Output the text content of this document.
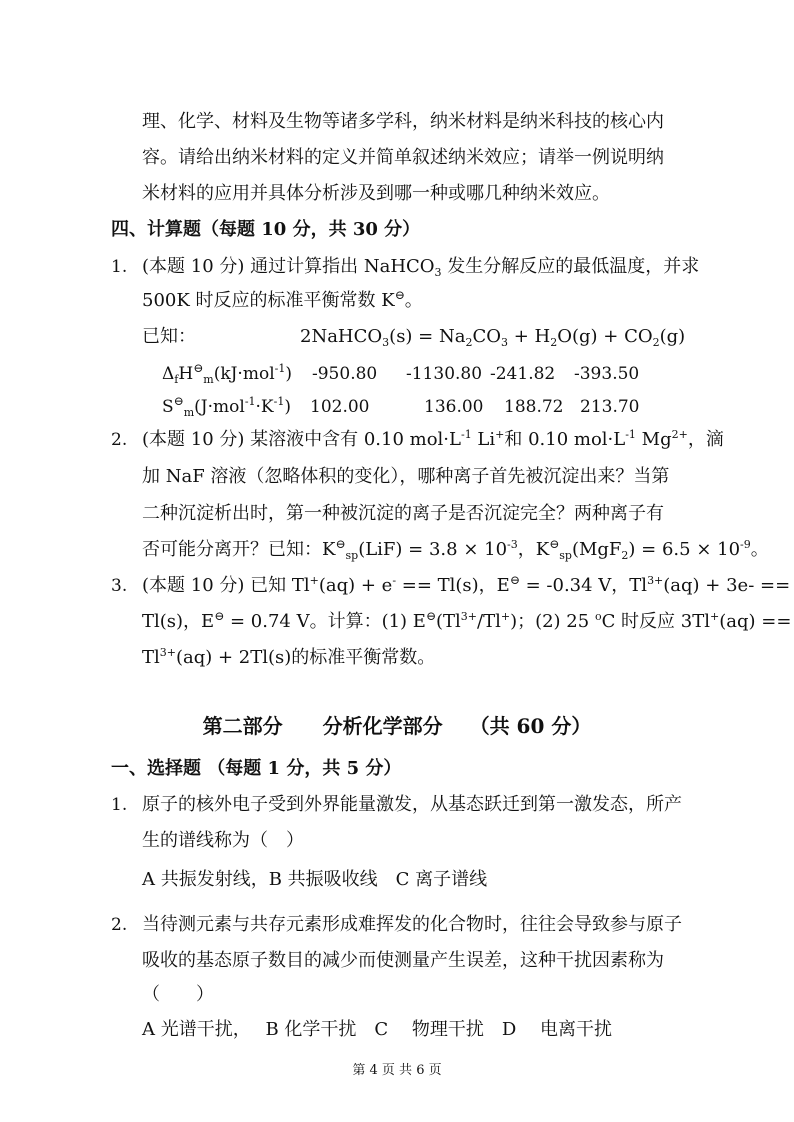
理、化学、材料及生物等诸多学科，纳米材料是纳米科技的核心内
容。请给出纳米材料的定义并简单叙述纳米效应；请举一例说明纳
米材料的应用并具体分析涉及到哪一种或哪几种纳米效应。
四、计算题（每题 10 分，共 30 分）
1. (本题 10 分) 通过计算指出 NaHCO$_3$ 发生分解反应的最低温度，并求
500K 时反应的标准平衡常数 K⊖。
已知：	2NaHCO$_3$(s) = $Na_2CO_3 + H_2O(g) + CO_2(g)$
$\Delta_fH^⊖_m(kJ\cdot mol^{-1})$ -950.80 -1130.80 -241.82 -393.50
$S^⊖_m(J\cdot mol^{-1}\cdot K^{-1})$ 102.00	136.00 188.72 213.70
2. (本题 10 分) 某溶液中含有 0.10 $mol\cdot L^{-1}$ Li+和 0.10 $mol\cdot L^{-1}$ $Mg^{2+}$，滴
加 NaF 溶液（忽略体积的变化），哪种离子首先被沉淀出来？当第
二种沉淀析出时，第一种被沉淀的离子是否沉淀完全？两种离子有
否可能分离开？已知：$K^⊖_{sp}(LiF) = 3.8 \times 10^{-3}$，$K^⊖_{sp}(MgF_2) = 6.5 \times 10^{-9}$。
3. (本题 10 分) 已知 Tl+(aq) + e- == Tl(s)，E⊖ = -0.34 V，$Tl^{3+}(aq) + 3e-$ ==
Tl(s)，E⊖ = 0.74 V。计算：(1) $E^⊖(Tl^{3+}/Tl^+)$；(2) 25 $^o$C 时反应 3Tl+(aq) ==
$Tl^{3+}(aq) + 2Tl(s)$的标准平衡常数。
第二部分　　分析化学部分　 （共 60 分）
一、选择题 （每题 1 分，共 5 分）
1. 原子的核外电子受到外界能量激发，从基态跃迁到第一激发态，所产
生的谱线称为（　）
A 共振发射线，B 共振吸收线　C 离子谱线
2. 当待测元素与共存元素形成难挥发的化合物时，往往会导致参与原子
吸收的基态原子数目的减少而使测量产生误差，这种干扰因素称为
（　　）
A 光谱干扰，　 B 化学干扰　C　 物理干扰　D　 电离干扰
第 4 页 共 6 页
